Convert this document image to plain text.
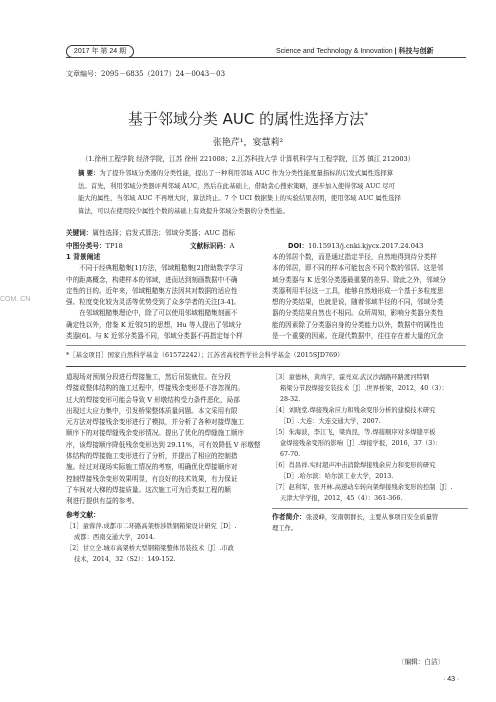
2017 年 第 24 期	Science and Technology & Innovation | 科技与创新
文章编号：2095－6835（2017）24－0043－03
基于邻域分类 AUC 的属性选择方法*
张艳芹¹，宴慧莉²
（1.徐州工程学院 经济学院，江苏 徐州 221008；2.江苏科技大学 计算机科学与工程学院，江苏 镇江 212003）
摘 要：为了提升邻域分类器的分类性能，提出了一种利用邻域 AUC 作为分类性能度量指标的启发式属性选择算
法。首先，利用邻域分类器评判邻域 AUC，然后在此基础上，借助贪心搜索策略，逐步加入使得邻域 AUC 尽可
能大的属性，当邻域 AUC 不再增大时，算法终止。7 个 UCI 数据集上的实验结果表明，使用邻域 AUC 属性选择
算法，可以在使用较少属性个数的基础上有效提升邻域分类器的分类性能。
关键词：属性选择；启发式算法；邻域分类器；AUC 指标
中图分类号：TP18	文献标识码：A	DOI：10.15913/j.cnki.kjycx.2017.24.043
1 背景阐述
　　不同于经典粗糙集[1]方法，邻域粗糙集[2]借助数学学习
中的距离概念，构建样本的邻域，进而达到刻画数据中不确
定性的目的。近年来，邻域粗糙集方法因其对数据的适应性
强、粒度变化较为灵活等优势受到了众多学者的关注[3-4]。
　　在邻域粗糙集理论中，除了可以使用邻域粗糙集刻画不
确定性以外，借鉴 K 近邻[5]的思想，Hu 等人提出了邻域分
类器[6]。与 K 近邻分类器不同，邻域分类器不再指定每个样
本的邻居个数，而是通过指定半径，自然地得到待分类样
本的邻居，即不同的样本可能包含不同个数的邻居。这是邻
域分类器与 K 近邻分类器最重要的差异。除此之外，邻域分
类器利用半径这一工具，能够自然地形成一个基于多粒度思
想的分类结果，也就是说，随着邻域半径的不同，邻域分类
器的分类结果自然也不相同。众所周知，影响分类器分类性
能的因素除了分类器自身的分类能力以外，数据中的属性也
是一个重要的因素。在现代数据中，往往存在着大量的冗余
COM. CN
*［基金项目］国家自然科学基金（61572242）；江苏省高校哲学社会科学基金（2015SJD769）
道现场对预制分段进行焊接施工，然后吊装就位。在分段
焊接或整体结构的施工过程中，焊接残余变形是不容忽视的。
过大的焊接变形可能会导致 V 形墩结构受力条件恶化，局部
出现过大应力集中，引发桥梁整体质量问题。本文采用有限
元方法对焊接残余变形进行了模拟，并分析了各种对接焊施工
顺序下的对接焊缝残余变形情况。提出了优化的焊缝施工顺序
序，该焊接顺序降低残余变形达到 29.11%，可有效降低 V 形墩整
体结构的焊接施工变形进行了分析，并提出了相应的控制措
施。经过对现场实际施工情况的考察，明确优化焊接顺序对
控制焊接残余变形效果明显，有良好的技术效果，有力保证
了车间对大梯的焊接质量。这次施工可为后类似工程的顺
利进行提供有益的参考。
参考文献：
［1］童蓉萍.成都市二环路高架桥涉铁钢箱梁设计研究［D］.
成都：西南交通大学，2014.
［2］甘立全.城市高架桥大型钢箱梁整体吊装技术［J］.市政
技术，2014，32（S2）：149-152.
［3］童德林，黄尚宇，霍亮双.武汉沙湖路环路渡河特钢
箱梁分节段焊接安装技术［J］.世界桥梁，2012，40（3）：
28-32.
［4］刘晓堂.焊接残余应力和残余变形分析的建模技术研究
［D］.大连：大连交通大学，2007.
［5］朱海波，李江飞，梁尚昆，等.焊接顺序对多焊缝平板
盒焊接残余变形的影响［J］.焊接学报，2016，37（3）：
67-70.
［6］肖昌祥.实时超声冲击消除焊接残余应力和变形的研究
［D］.哈尔滨：哈尔滨工业大学，2013.
［7］赵利军，张开林.高速动车转向架焊接残余变形的控制［J］.
天津大学学报，2012，45（4）：361-366.
作者简介：张凌峰，安南朝群长，主要从事项目安全质量管
理工作。
〔编辑：白洁〕
· 43 ·
